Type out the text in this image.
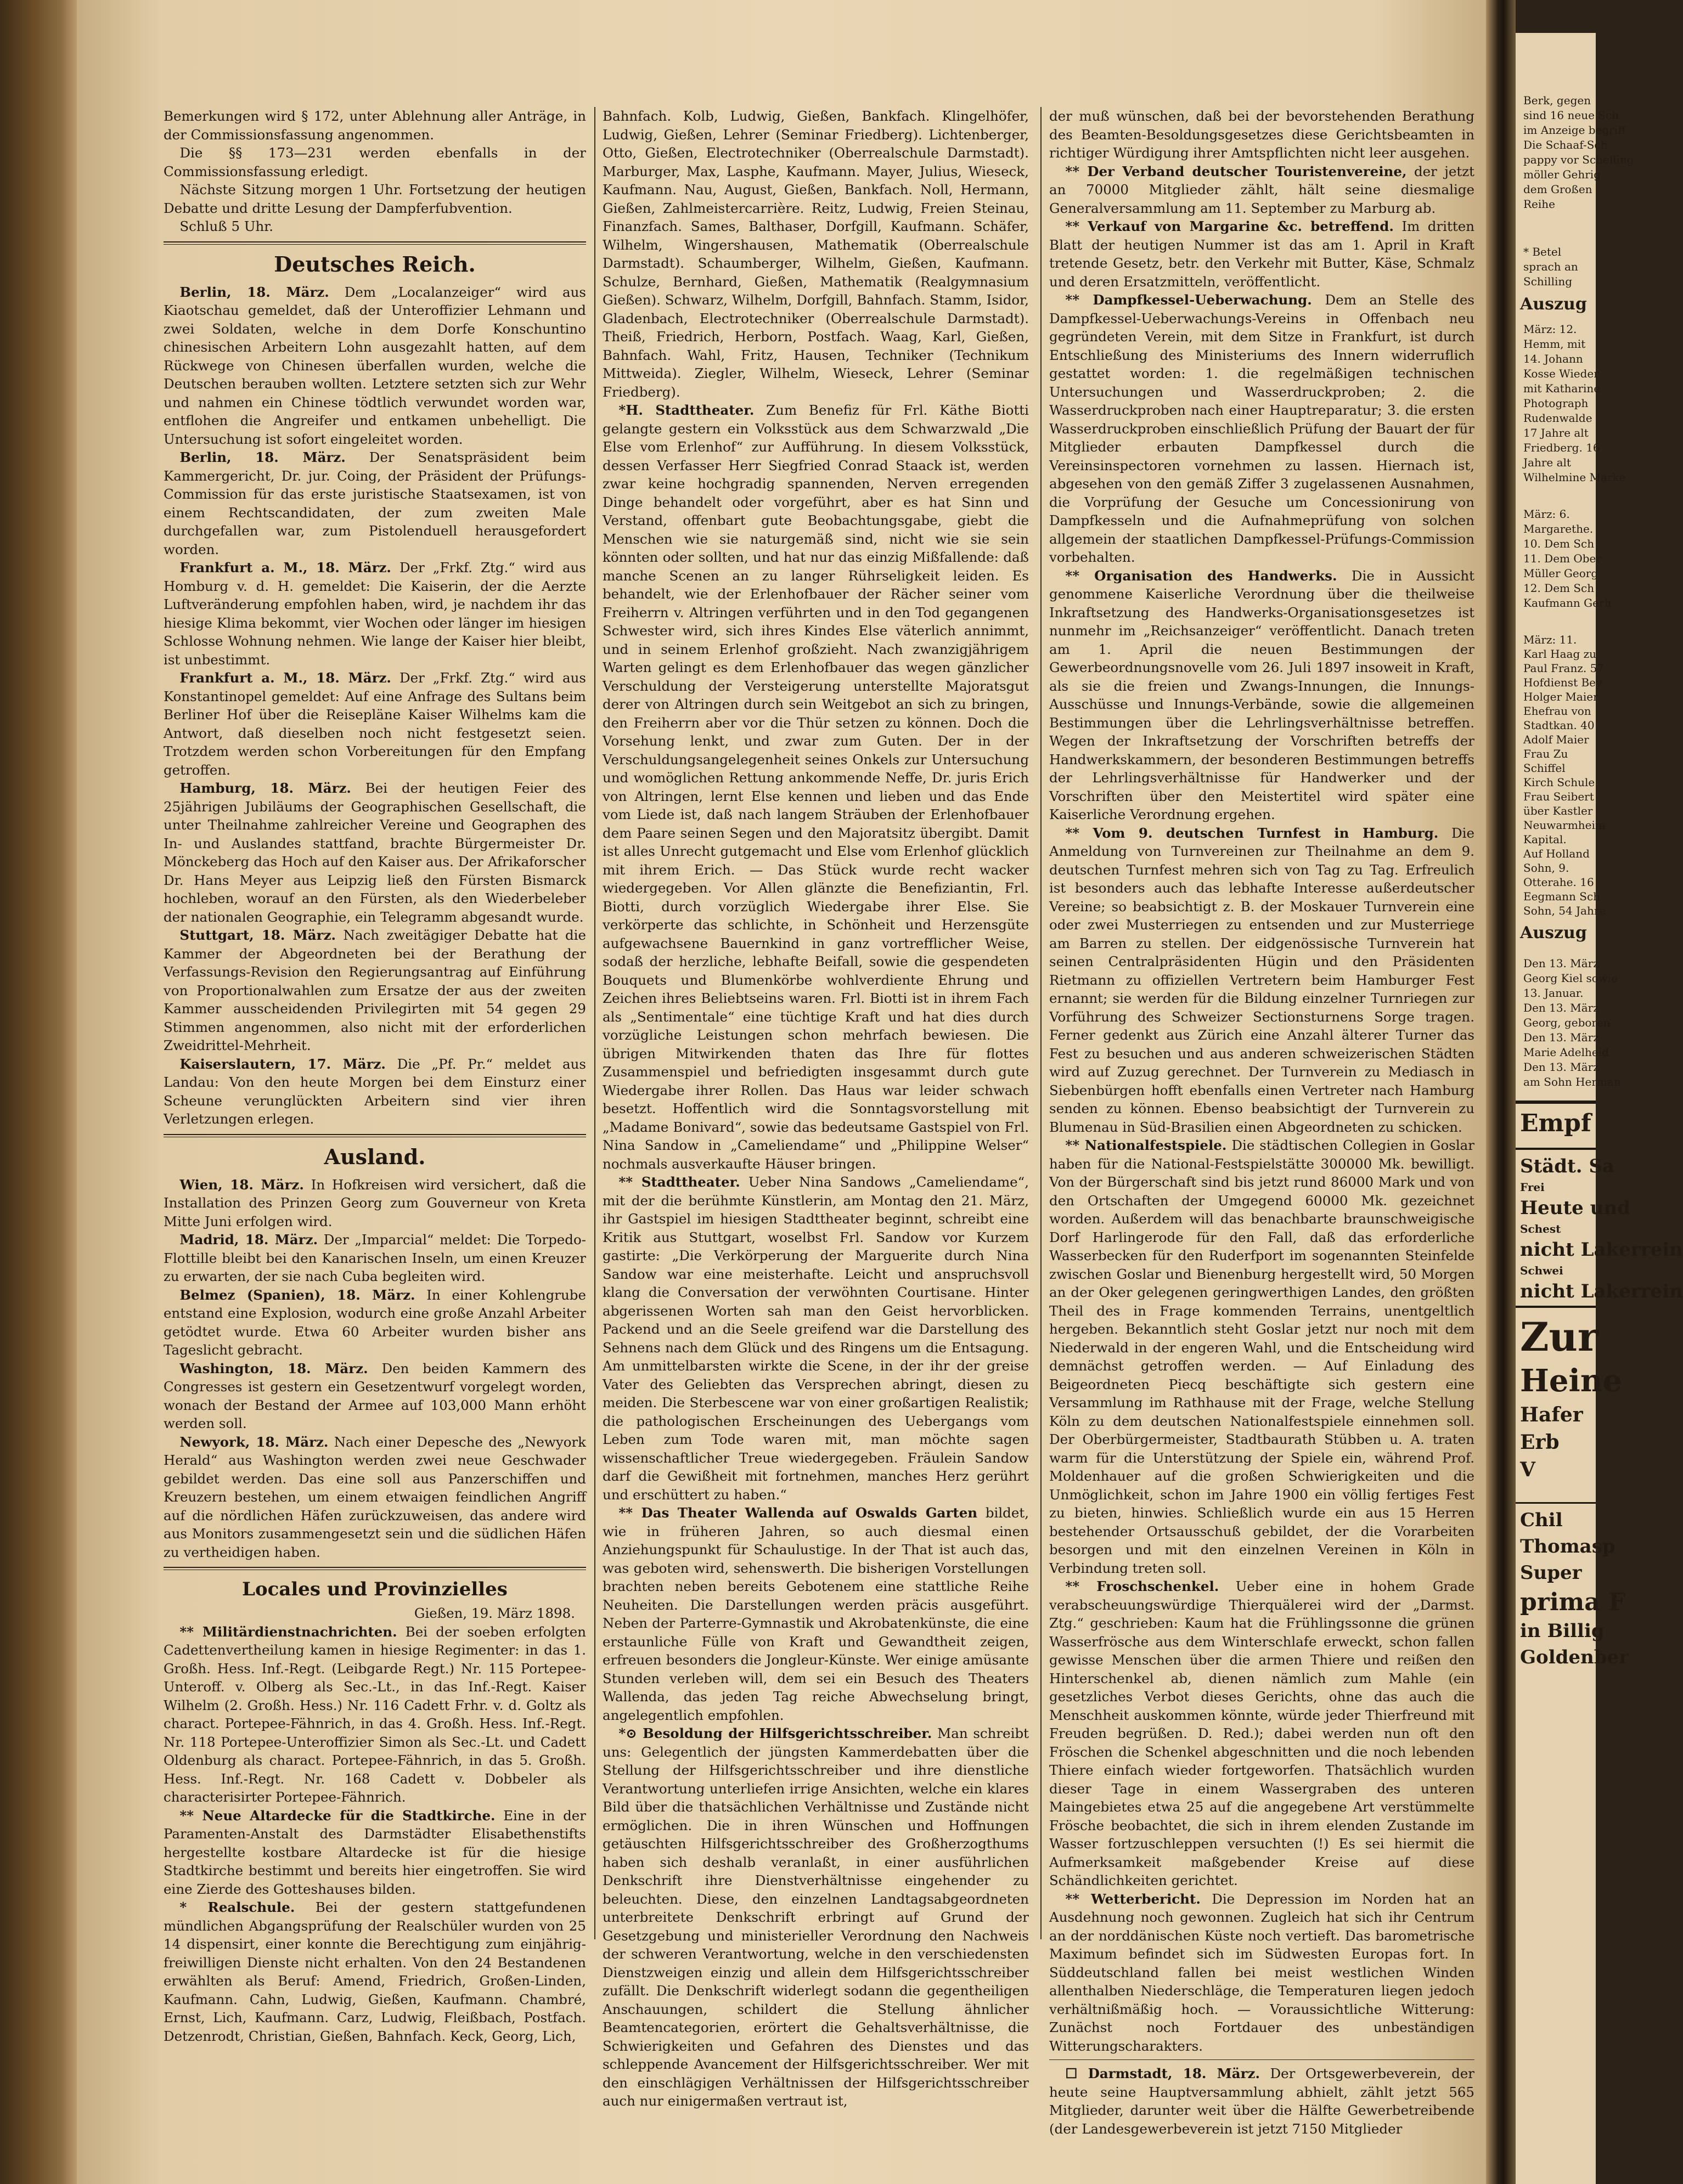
Bemerkungen wird § 172, unter Ablehnung aller Anträge, in der Commissionsfassung angenommen.

Die §§ 173—231 werden ebenfalls in der Commissionsfassung erledigt.

Nächste Sitzung morgen 1 Uhr. Fortsetzung der heutigen Debatte und dritte Lesung der Dampferfubvention.

Schluß 5 Uhr.

Deutsches Reich.

Berlin, 18. März. Dem „Localanzeiger“ wird aus Kiaotschau gemeldet, daß der Unteroffizier Lehmann und zwei Soldaten, welche in dem Dorfe Konschuntino chinesischen Arbeitern Lohn ausgezahlt hatten, auf dem Rückwege von Chinesen überfallen wurden, welche die Deutschen berauben wollten. Letztere setzten sich zur Wehr und nahmen ein Chinese tödtlich verwundet worden war, entflohen die Angreifer und entkamen unbehelligt. Die Untersuchung ist sofort eingeleitet worden.

Berlin, 18. März. Der Senatspräsident beim Kammergericht, Dr. jur. Coing, der Präsident der Prüfungs-Commission für das erste juristische Staatsexamen, ist von einem Rechtscandidaten, der zum zweiten Male durchgefallen war, zum Pistolenduell herausgefordert worden.

Frankfurt a. M., 18. März. Der „Frkf. Ztg.“ wird aus Homburg v. d. H. gemeldet: Die Kaiserin, der die Aerzte Luftveränderung empfohlen haben, wird, je nachdem ihr das hiesige Klima bekommt, vier Wochen oder länger im hiesigen Schlosse Wohnung nehmen. Wie lange der Kaiser hier bleibt, ist unbestimmt.

Frankfurt a. M., 18. März. Der „Frkf. Ztg.“ wird aus Konstantinopel gemeldet: Auf eine Anfrage des Sultans beim Berliner Hof über die Reisepläne Kaiser Wilhelms kam die Antwort, daß dieselben noch nicht festgesetzt seien. Trotzdem werden schon Vorbereitungen für den Empfang getroffen.

Hamburg, 18. März. Bei der heutigen Feier des 25jährigen Jubiläums der Geographischen Gesellschaft, die unter Theilnahme zahlreicher Vereine und Geographen des In- und Auslandes stattfand, brachte Bürgermeister Dr. Mönckeberg das Hoch auf den Kaiser aus. Der Afrikaforscher Dr. Hans Meyer aus Leipzig ließ den Fürsten Bismarck hochleben, worauf an den Fürsten, als den Wiederbeleber der nationalen Geographie, ein Telegramm abgesandt wurde.

Stuttgart, 18. März. Nach zweitägiger Debatte hat die Kammer der Abgeordneten bei der Berathung der Verfassungs-Revision den Regierungsantrag auf Einführung von Proportionalwahlen zum Ersatze der aus der zweiten Kammer ausscheidenden Privilegirten mit 54 gegen 29 Stimmen angenommen, also nicht mit der erforderlichen Zweidrittel-Mehrheit.

Kaiserslautern, 17. März. Die „Pf. Pr.“ meldet aus Landau: Von den heute Morgen bei dem Einsturz einer Scheune verunglückten Arbeitern sind vier ihren Verletzungen erlegen.

Ausland.

Wien, 18. März. In Hofkreisen wird versichert, daß die Installation des Prinzen Georg zum Gouverneur von Kreta Mitte Juni erfolgen wird.

Madrid, 18. März. Der „Imparcial“ meldet: Die Torpedo-Flottille bleibt bei den Kanarischen Inseln, um einen Kreuzer zu erwarten, der sie nach Cuba begleiten wird.

Belmez (Spanien), 18. März. In einer Kohlengrube entstand eine Explosion, wodurch eine große Anzahl Arbeiter getödtet wurde. Etwa 60 Arbeiter wurden bisher ans Tageslicht gebracht.

Washington, 18. März. Den beiden Kammern des Congresses ist gestern ein Gesetzentwurf vorgelegt worden, wonach der Bestand der Armee auf 103,000 Mann erhöht werden soll.

Newyork, 18. März. Nach einer Depesche des „Newyork Herald“ aus Washington werden zwei neue Geschwader gebildet werden. Das eine soll aus Panzerschiffen und Kreuzern bestehen, um einem etwaigen feindlichen Angriff auf die nördlichen Häfen zurückzuweisen, das andere wird aus Monitors zusammengesetzt sein und die südlichen Häfen zu vertheidigen haben.

Locales und Provinzielles
Gießen, 19. März 1898.

** Militärdienstnachrichten. Bei der soeben erfolgten Cadettenvertheilung kamen in hiesige Regimenter: in das 1. Großh. Hess. Inf.-Regt. (Leibgarde Regt.) Nr. 115 Portepee-Unteroff. v. Olberg als Sec.-Lt., in das Inf.-Regt. Kaiser Wilhelm (2. Großh. Hess.) Nr. 116 Cadett Frhr. v. d. Goltz als charact. Portepee-Fähnrich, in das 4. Großh. Hess. Inf.-Regt. Nr. 118 Portepee-Unteroffizier Simon als Sec.-Lt. und Cadett Oldenburg als charact. Portepee-Fähnrich, in das 5. Großh. Hess. Inf.-Regt. Nr. 168 Cadett v. Dobbeler als characterisirter Portepee-Fähnrich.

** Neue Altardecke für die Stadtkirche. Eine in der Paramenten-Anstalt des Darmstädter Elisabethenstifts hergestellte kostbare Altardecke ist für die hiesige Stadtkirche bestimmt und bereits hier eingetroffen. Sie wird eine Zierde des Gotteshauses bilden.

* Realschule. Bei der gestern stattgefundenen mündlichen Abgangsprüfung der Realschüler wurden von 25 14 dispensirt, einer konnte die Berechtigung zum einjährig-freiwilligen Dienste nicht erhalten. Von den 24 Bestandenen erwählten als Beruf: Amend, Friedrich, Großen-Linden, Kaufmann. Cahn, Ludwig, Gießen, Kaufmann. Chambré, Ernst, Lich, Kaufmann. Carz, Ludwig, Fleißbach, Postfach. Detzenrodt, Christian, Gießen, Bahnfach. Keck, Georg, Lich,

Bahnfach. Kolb, Ludwig, Gießen, Bankfach. Klingelhöfer, Ludwig, Gießen, Lehrer (Seminar Friedberg). Lichtenberger, Otto, Gießen, Electrotechniker (Oberrealschule Darmstadt). Marburger, Max, Lasphe, Kaufmann. Mayer, Julius, Wieseck, Kaufmann. Nau, August, Gießen, Bankfach. Noll, Hermann, Gießen, Zahlmeistercarrière. Reitz, Ludwig, Freien Steinau, Finanzfach. Sames, Balthaser, Dorfgill, Kaufmann. Schäfer, Wilhelm, Wingershausen, Mathematik (Oberrealschule Darmstadt). Schaumberger, Wilhelm, Gießen, Kaufmann. Schulze, Bernhard, Gießen, Mathematik (Realgymnasium Gießen). Schwarz, Wilhelm, Dorfgill, Bahnfach. Stamm, Isidor, Gladenbach, Electrotechniker (Oberrealschule Darmstadt). Theiß, Friedrich, Herborn, Postfach. Waag, Karl, Gießen, Bahnfach. Wahl, Fritz, Hausen, Techniker (Technikum Mittweida). Ziegler, Wilhelm, Wieseck, Lehrer (Seminar Friedberg).

*H. Stadttheater. Zum Benefiz für Frl. Käthe Biotti gelangte gestern ein Volksstück aus dem Schwarzwald „Die Else vom Erlenhof“ zur Aufführung. In diesem Volksstück, dessen Verfasser Herr Siegfried Conrad Staack ist, werden zwar keine hochgradig spannenden, Nerven erregenden Dinge behandelt oder vorgeführt, aber es hat Sinn und Verstand, offenbart gute Beobachtungsgabe, giebt die Menschen wie sie naturgemäß sind, nicht wie sie sein könnten oder sollten, und hat nur das einzig Mißfallende: daß manche Scenen an zu langer Rührseligkeit leiden. Es behandelt, wie der Erlenhofbauer der Rächer seiner vom Freiherrn v. Altringen verführten und in den Tod gegangenen Schwester wird, sich ihres Kindes Else väterlich annimmt, und in seinem Erlenhof großzieht. Nach zwanzigjährigem Warten gelingt es dem Erlenhofbauer das wegen gänzlicher Verschuldung der Versteigerung unterstellte Majoratsgut derer von Altringen durch sein Weitgebot an sich zu bringen, den Freiherrn aber vor die Thür setzen zu können. Doch die Vorsehung lenkt, und zwar zum Guten. Der in der Verschuldungsangelegenheit seines Onkels zur Untersuchung und womöglichen Rettung ankommende Neffe, Dr. juris Erich von Altringen, lernt Else kennen und lieben und das Ende vom Liede ist, daß nach langem Sträuben der Erlenhofbauer dem Paare seinen Segen und den Majoratsitz übergibt. Damit ist alles Unrecht gutgemacht und Else vom Erlenhof glücklich mit ihrem Erich. — Das Stück wurde recht wacker wiedergegeben. Vor Allen glänzte die Benefiziantin, Frl. Biotti, durch vorzüglich Wiedergabe ihrer Else. Sie verkörperte das schlichte, in Schönheit und Herzensgüte aufgewachsene Bauernkind in ganz vortrefflicher Weise, sodaß der herzliche, lebhafte Beifall, sowie die gespendeten Bouquets und Blumenkörbe wohlverdiente Ehrung und Zeichen ihres Beliebtseins waren. Frl. Biotti ist in ihrem Fach als „Sentimentale“ eine tüchtige Kraft und hat dies durch vorzügliche Leistungen schon mehrfach bewiesen. Die übrigen Mitwirkenden thaten das Ihre für flottes Zusammenspiel und befriedigten insgesammt durch gute Wiedergabe ihrer Rollen. Das Haus war leider schwach besetzt. Hoffentlich wird die Sonntagsvorstellung mit „Madame Bonivard“, sowie das bedeutsame Gastspiel von Frl. Nina Sandow in „Cameliendame“ und „Philippine Welser“ nochmals ausverkaufte Häuser bringen.

** Stadttheater. Ueber Nina Sandows „Cameliendame“, mit der die berühmte Künstlerin, am Montag den 21. März, ihr Gastspiel im hiesigen Stadttheater beginnt, schreibt eine Kritik aus Stuttgart, woselbst Frl. Sandow vor Kurzem gastirte: „Die Verkörperung der Marguerite durch Nina Sandow war eine meisterhafte. Leicht und anspruchsvoll klang die Conversation der verwöhnten Courtisane. Hinter abgerissenen Worten sah man den Geist hervorblicken. Packend und an die Seele greifend war die Darstellung des Sehnens nach dem Glück und des Ringens um die Entsagung. Am unmittelbarsten wirkte die Scene, in der ihr der greise Vater des Geliebten das Versprechen abringt, diesen zu meiden. Die Sterbescene war von einer großartigen Realistik; die pathologischen Erscheinungen des Uebergangs vom Leben zum Tode waren mit, man möchte sagen wissenschaftlicher Treue wiedergegeben. Fräulein Sandow darf die Gewißheit mit fortnehmen, manches Herz gerührt und erschüttert zu haben.“

** Das Theater Wallenda auf Oswalds Garten bildet, wie in früheren Jahren, so auch diesmal einen Anziehungspunkt für Schaulustige. In der That ist auch das, was geboten wird, sehenswerth. Die bisherigen Vorstellungen brachten neben bereits Gebotenem eine stattliche Reihe Neuheiten. Die Darstellungen werden präcis ausgeführt. Neben der Parterre-Gymnastik und Akrobatenkünste, die eine erstaunliche Fülle von Kraft und Gewandtheit zeigen, erfreuen besonders die Jongleur-Künste. Wer einige amüsante Stunden verleben will, dem sei ein Besuch des Theaters Wallenda, das jeden Tag reiche Abwechselung bringt, angelegentlich empfohlen.

*⊙ Besoldung der Hilfsgerichtsschreiber. Man schreibt uns: Gelegentlich der jüngsten Kammerdebatten über die Stellung der Hilfsgerichtsschreiber und ihre dienstliche Verantwortung unterliefen irrige Ansichten, welche ein klares Bild über die thatsächlichen Verhältnisse und Zustände nicht ermöglichen. Die in ihren Wünschen und Hoffnungen getäuschten Hilfsgerichtsschreiber des Großherzogthums haben sich deshalb veranlaßt, in einer ausführlichen Denkschrift ihre Dienstverhältnisse eingehender zu beleuchten. Diese, den einzelnen Landtagsabgeordneten unterbreitete Denkschrift erbringt auf Grund der Gesetzgebung und ministerieller Verordnung den Nachweis der schweren Verantwortung, welche in den verschiedensten Dienstzweigen einzig und allein dem Hilfsgerichtsschreiber zufällt. Die Denkschrift widerlegt sodann die gegentheiligen Anschauungen, schildert die Stellung ähnlicher Beamtencategorien, erörtert die Gehaltsverhältnisse, die Schwierigkeiten und Gefahren des Dienstes und das schleppende Avancement der Hilfsgerichtsschreiber. Wer mit den einschlägigen Verhältnissen der Hilfsgerichtsschreiber auch nur einigermaßen vertraut ist,

der muß wünschen, daß bei der bevorstehenden Berathung des Beamten-Besoldungsgesetzes diese Gerichtsbeamten in richtiger Würdigung ihrer Amtspflichten nicht leer ausgehen.

** Der Verband deutscher Touristenvereine, der jetzt an 70000 Mitglieder zählt, hält seine diesmalige Generalversammlung am 11. September zu Marburg ab.

** Verkauf von Margarine &c. betreffend. Im dritten Blatt der heutigen Nummer ist das am 1. April in Kraft tretende Gesetz, betr. den Verkehr mit Butter, Käse, Schmalz und deren Ersatzmitteln, veröffentlicht.

** Dampfkessel-Ueberwachung. Dem an Stelle des Dampfkessel-Ueberwachungs-Vereins in Offenbach neu gegründeten Verein, mit dem Sitze in Frankfurt, ist durch Entschließung des Ministeriums des Innern widerruflich gestattet worden: 1. die regelmäßigen technischen Untersuchungen und Wasserdruckproben; 2. die Wasserdruckproben nach einer Hauptreparatur; 3. die ersten Wasserdruckproben einschließlich Prüfung der Bauart der für Mitglieder erbauten Dampfkessel durch die Vereinsinspectoren vornehmen zu lassen. Hiernach ist, abgesehen von den gemäß Ziffer 3 zugelassenen Ausnahmen, die Vorprüfung der Gesuche um Concessionirung von Dampfkesseln und die Aufnahmeprüfung von solchen allgemein der staatlichen Dampfkessel-Prüfungs-Commission vorbehalten.

** Organisation des Handwerks. Die in Aussicht genommene Kaiserliche Verordnung über die theilweise Inkraftsetzung des Handwerks-Organisationsgesetzes ist nunmehr im „Reichsanzeiger“ veröffentlicht. Danach treten am 1. April die neuen Bestimmungen der Gewerbeordnungsnovelle vom 26. Juli 1897 insoweit in Kraft, als sie die freien und Zwangs-Innungen, die Innungs-Ausschüsse und Innungs-Verbände, sowie die allgemeinen Bestimmungen über die Lehrlingsverhältnisse betreffen. Wegen der Inkraftsetzung der Vorschriften betreffs der Handwerkskammern, der besonderen Bestimmungen betreffs der Lehrlingsverhältnisse für Handwerker und der Vorschriften über den Meistertitel wird später eine Kaiserliche Verordnung ergehen.

** Vom 9. deutschen Turnfest in Hamburg. Die Anmeldung von Turnvereinen zur Theilnahme an dem 9. deutschen Turnfest mehren sich von Tag zu Tag. Erfreulich ist besonders auch das lebhafte Interesse außerdeutscher Vereine; so beabsichtigt z. B. der Moskauer Turnverein eine oder zwei Musterriegen zu entsenden und zur Musterriege am Barren zu stellen. Der eidgenössische Turnverein hat seinen Centralpräsidenten Hügin und den Präsidenten Rietmann zu offiziellen Vertretern beim Hamburger Fest ernannt; sie werden für die Bildung einzelner Turnriegen zur Vorführung des Schweizer Sectionsturnens Sorge tragen. Ferner gedenkt aus Zürich eine Anzahl älterer Turner das Fest zu besuchen und aus anderen schweizerischen Städten wird auf Zuzug gerechnet. Der Turnverein zu Mediasch in Siebenbürgen hofft ebenfalls einen Vertreter nach Hamburg senden zu können. Ebenso beabsichtigt der Turnverein zu Blumenau in Süd-Brasilien einen Abgeordneten zu schicken.

** Nationalfestspiele. Die städtischen Collegien in Goslar haben für die National-Festspielstätte 300000 Mk. bewilligt. Von der Bürgerschaft sind bis jetzt rund 86000 Mark und von den Ortschaften der Umgegend 60000 Mk. gezeichnet worden. Außerdem will das benachbarte braunschweigische Dorf Harlingerode für den Fall, daß das erforderliche Wasserbecken für den Ruderfport im sogenannten Steinfelde zwischen Goslar und Bienenburg hergestellt wird, 50 Morgen an der Oker gelegenen geringwerthigen Landes, den größten Theil des in Frage kommenden Terrains, unentgeltlich hergeben. Bekanntlich steht Goslar jetzt nur noch mit dem Niederwald in der engeren Wahl, und die Entscheidung wird demnächst getroffen werden. — Auf Einladung des Beigeordneten Piecq beschäftigte sich gestern eine Versammlung im Rathhause mit der Frage, welche Stellung Köln zu dem deutschen Nationalfestspiele einnehmen soll. Der Oberbürgermeister, Stadtbaurath Stübben u. A. traten warm für die Unterstützung der Spiele ein, während Prof. Moldenhauer auf die großen Schwierigkeiten und die Unmöglichkeit, schon im Jahre 1900 ein völlig fertiges Fest zu bieten, hinwies. Schließlich wurde ein aus 15 Herren bestehender Ortsausschuß gebildet, der die Vorarbeiten besorgen und mit den einzelnen Vereinen in Köln in Verbindung treten soll.

** Froschschenkel. Ueber eine in hohem Grade verabscheuungswürdige Thierquälerei wird der „Darmst. Ztg.“ geschrieben: Kaum hat die Frühlingssonne die grünen Wasserfrösche aus dem Winterschlafe erweckt, schon fallen gewisse Menschen über die armen Thiere und reißen den Hinterschenkel ab, dienen nämlich zum Mahle (ein gesetzliches Verbot dieses Gerichts, ohne das auch die Menschheit auskommen könnte, würde jeder Thierfreund mit Freuden begrüßen. D. Red.); dabei werden nun oft den Fröschen die Schenkel abgeschnitten und die noch lebenden Thiere einfach wieder fortgeworfen. Thatsächlich wurden dieser Tage in einem Wassergraben des unteren Maingebietes etwa 25 auf die angegebene Art verstümmelte Frösche beobachtet, die sich in ihrem elenden Zustande im Wasser fortzuschleppen versuchten (!) Es sei hiermit die Aufmerksamkeit maßgebender Kreise auf diese Schändlichkeiten gerichtet.

** Wetterbericht. Die Depression im Norden hat an Ausdehnung noch gewonnen. Zugleich hat sich ihr Centrum an der norddänischen Küste noch vertieft. Das barometrische Maximum befindet sich im Südwesten Europas fort. In Süddeutschland fallen bei meist westlichen Winden allenthalben Niederschläge, die Temperaturen liegen jedoch verhältnißmäßig hoch. — Voraussichtliche Witterung: Zunächst noch Fortdauer des unbeständigen Witterungscharakters.

☐ Darmstadt, 18. März. Der Ortsgewerbeverein, der heute seine Hauptversammlung abhielt, zählt jetzt 565 Mitglieder, darunter weit über die Hälfte Gewerbetreibende (der Landesgewerbeverein ist jetzt 7150 Mitglieder

Berk, gegen
sind 16 neue Sch
im Anzeige begriff
Die Schaaf-Sch
pappy vor Schelling
möller Gehrig
dem Großen
Reihe
* Betel
sprach an
Schilling
Auszug
März: 12.
Hemm, mit
14. Johann
Kosse Wieder
mit Katharine
Photograph
Rudenwalde
17 Jahre alt
Friedberg. 16
Jahre alt
Wilhelmine Marke
März: 6.
Margarethe.
10. Dem Sch
11. Dem Ober
Müller Georg
12. Dem Sch
Kaufmann Gerh
März: 11.
Karl Haag zu
Paul Franz. 57
Hofdienst Bey
Holger Maier
Ehefrau von
Stadtkan. 40
Adolf Maier
Frau Zu
Schiffel
Kirch Schule
Frau Seibert
über Kastler
Neuwarmheim
Kapital.
Auf Holland
Sohn, 9.
Otterahe. 16
Eegmann Sch
Sohn, 54 Jahre
Auszug
Den 13. März
Georg Kiel sowie
13. Januar.
Den 13. März
Georg, geboren
Den 13. März
Marie Adelheid
Den 13. März
am Sohn Herman
Empf
Städt. Sa
Frei
Heute und
Schest
nicht Lakerrein
Schwei
nicht Lakerrein
Zur
Heine
Hafer
Erb
V
Chil
Thomasp
Super
prima F
in Billig
Goldenber
